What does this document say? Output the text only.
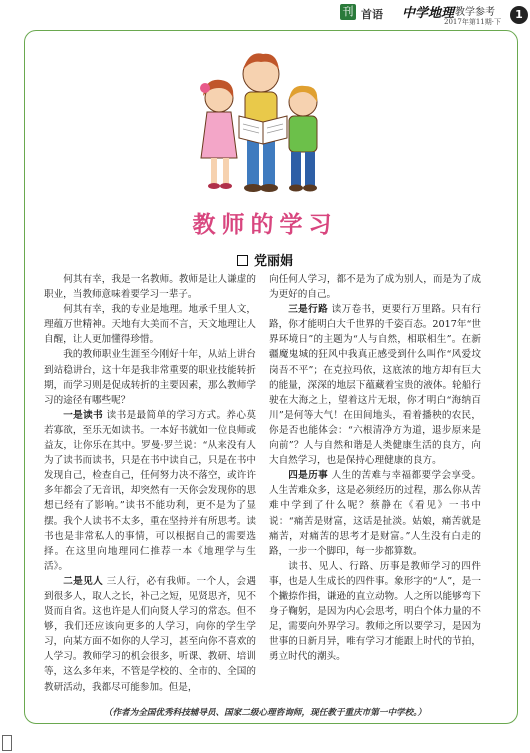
刊 首语 中学地理 教学参考
2017年第11期·下
1
教师的学习
党丽娟

何其有幸，我是一名教师。教师是让人谦虚的职业，当教师意味着要学习一辈子。

何其有幸，我的专业是地理。地承千里人文，理蕴万世精神。天地有大美而不言，天文地理让人自醒，让人更加懂得珍惜。

我的教师职业生涯至今刚好十年，从站上讲台到站稳讲台，这十年是我非常重要的职业技能转折期，而学习则是促成转折的主要因素，那么教师学习的途径有哪些呢？

一是读书 读书是最简单的学习方式。养心莫若寡欲，至乐无如读书。一本好书就如一位良师或益友，让你乐在其中。罗曼·罗兰说：“从来没有人为了读书而读书，只是在书中读自己，只是在书中发现自己，检查自己，任何努力决不落空，或许许多年都会了无音讯，却突然有一天你会发现你的思想已经有了影响。”读书不能功利，更不是为了显摆。我个人读书不太多，重在坚持并有所思考。读书也是非常私人的事情，可以根据自己的需要选择。在这里向地理同仁推荐一本《地理学与生活》。

二是见人 三人行，必有我师。一个人，会遇到很多人，取人之长，补己之短，见贤思齐，见不贤而自省。这也许是人们向贤人学习的常态。但不够，我们还应该向更多的人学习，向你的学生学习，向某方面不如你的人学习，甚至向你不喜欢的人学习。教师学习的机会很多，听课、教研、培训等，这么多年来，不管是学校的、全市的、全国的教研活动，我都尽可能参加。但是，

向任何人学习，都不是为了成为别人，而是为了成为更好的自己。

三是行路 读万卷书，更要行万里路。只有行路，你才能明白大千世界的千姿百态。2017年“世界环境日”的主题为“人与自然，相联相生”。在新疆魔鬼城的狂风中我真正感受到什么叫作“风爱坟岗吾不平”；在克拉玛依，这底浓的地方却有巨大的能量，深深的地层下蕴藏着宝贵的液体。轮船行驶在大海之上，望着这片无垠，你才明白“海纳百川”是何等大气！在田间地头，看着播秧的农民，你是否也能体会：“六根清净方为道，退步原来是向前”？人与自然和谐是人类健康生活的良方，向大自然学习，也是保持心理健康的良方。

四是历事 人生的苦难与幸福都要学会享受。人生苦难众多，这是必须经历的过程，那么你从苦难中学到了什么呢？蔡静在《看见》一书中说：“痛苦是财富，这话是扯淡。姑娘，痛苦就是痛苦，对痛苦的思考才是财富。”人生没有白走的路，一步一个脚印，每一步都算数。

读书、见人、行路、历事是教师学习的四件事，也是人生成长的四件事。象形字的“人”，是一个撇捺作揖，谦逊的直立动物。人之所以能够弯下身子鞠躬，是因为内心会思考，明白个体力量的不足，需要向外界学习。教师之所以要学习，是因为世事的日新月异，唯有学习才能跟上时代的节拍，勇立时代的潮头。

（作者为全国优秀科技辅导员、国家二级心理咨询师，现任教于重庆市第一中学校。）
